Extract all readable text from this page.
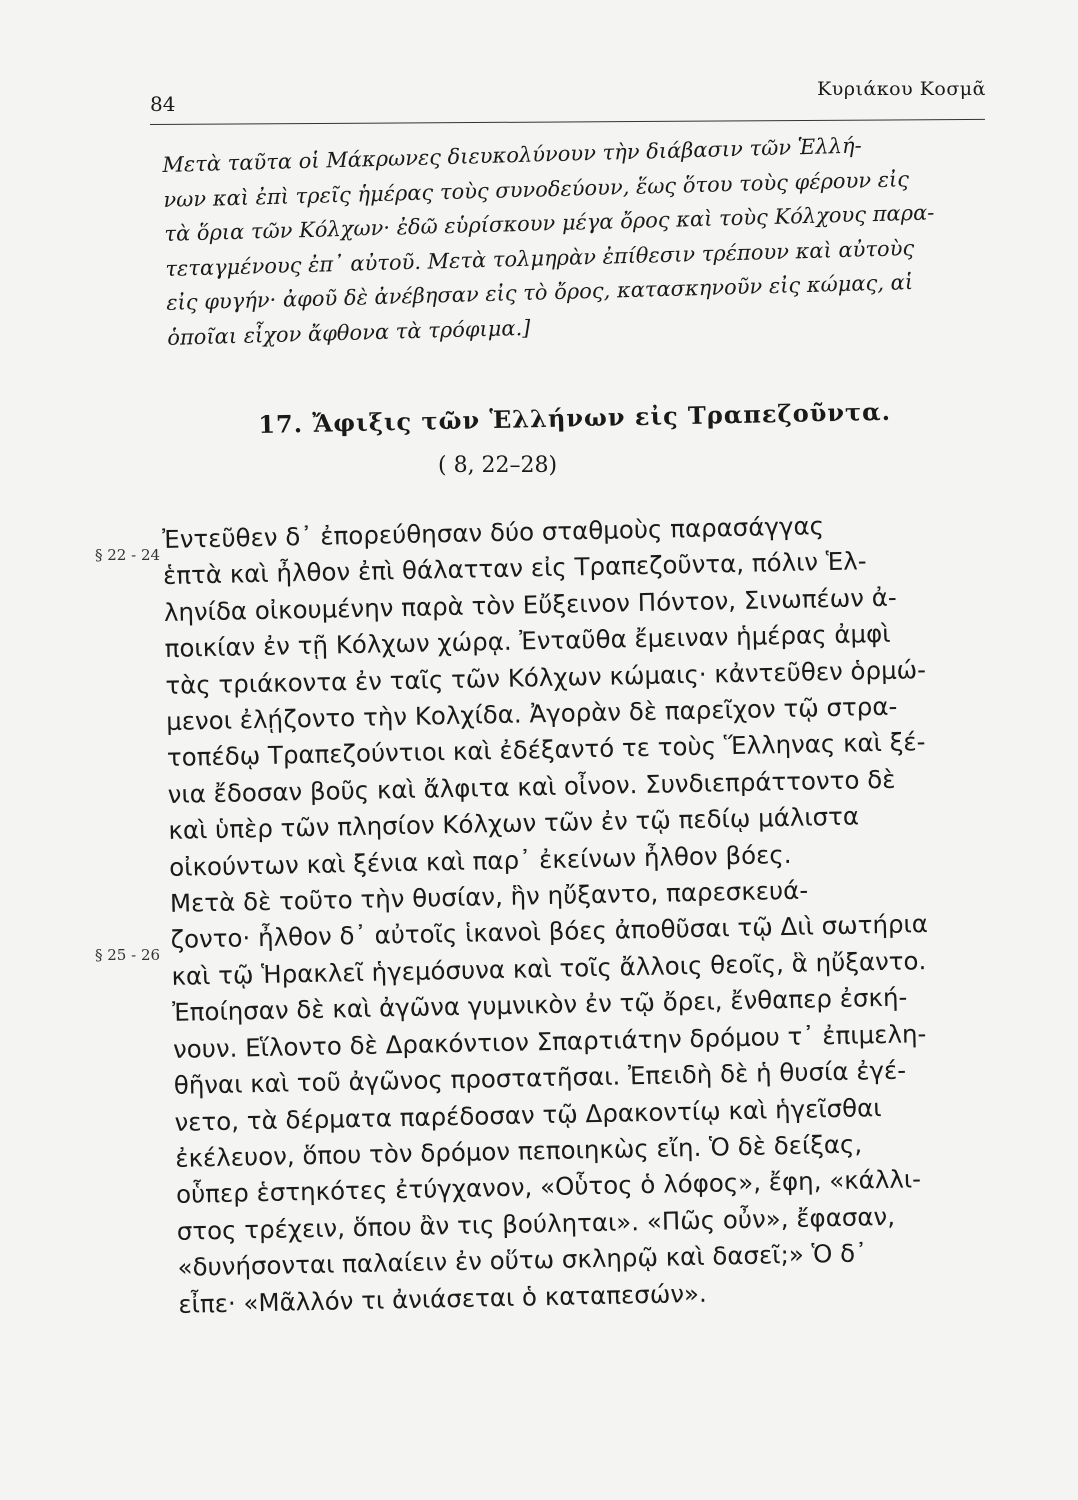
84
Κυριάκου Κοσμᾶ
Μετὰ ταῦτα οἱ Μάκρωνες διευκολύνουν τὴν διάβασιν τῶν Ἑλλή-
νων καὶ ἐπὶ τρεῖς ἡμέρας τοὺς συνοδεύουν, ἕως ὅτου τοὺς φέρουν εἰς
τὰ ὅρια τῶν Κόλχων· ἐδῶ εὑρίσκουν μέγα ὄρος καὶ τοὺς Κόλχους παρα-
τεταγμένους ἐπ᾽ αὐτοῦ. Μετὰ τολμηρὰν ἐπίθεσιν τρέπουν καὶ αὐτοὺς
εἰς φυγήν· ἀφοῦ δὲ ἀνέβησαν εἰς τὸ ὄρος, κατασκηνοῦν εἰς κώμας, αἱ
ὁποῖαι εἶχον ἄφθονα τὰ τρόφιμα.]
17. Ἄφιξις τῶν Ἑλλήνων εἰς Τραπεζοῦντα.
( 8, 22–28)
§ 22 - 24
§ 25 - 26
Ἐντεῦθεν δ᾽ ἐπορεύθησαν δύο σταθμοὺς παρασάγγας
ἑπτὰ καὶ ἦλθον ἐπὶ θάλατταν εἰς Τραπεζοῦντα, πόλιν Ἑλ-
ληνίδα οἰκουμένην παρὰ τὸν Εὔξεινον Πόντον, Σινωπέων ἀ-
ποικίαν ἐν τῇ Κόλχων χώρᾳ. Ἐνταῦθα ἔμειναν ἡμέρας ἀμφὶ
τὰς τριάκοντα ἐν ταῖς τῶν Κόλχων κώμαις· κἀντεῦθεν ὁρμώ-
μενοι ἐλῄζοντο τὴν Κολχίδα. Ἀγορὰν δὲ παρεῖχον τῷ στρα-
τοπέδῳ Τραπεζούντιοι καὶ ἐδέξαντό τε τοὺς Ἕλληνας καὶ ξέ-
νια ἔδοσαν βοῦς καὶ ἄλφιτα καὶ οἶνον. Συνδιεπράττοντο δὲ
καὶ ὑπὲρ τῶν πλησίον Κόλχων τῶν ἐν τῷ πεδίῳ μάλιστα
οἰκούντων καὶ ξένια καὶ παρ᾽ ἐκείνων ἦλθον βόες.
Μετὰ δὲ τοῦτο τὴν θυσίαν, ἣν ηὔξαντο, παρεσκευά-
ζοντο· ἦλθον δ᾽ αὐτοῖς ἱκανοὶ βόες ἀποθῦσαι τῷ Διὶ σωτήρια
καὶ τῷ Ἡρακλεῖ ἡγεμόσυνα καὶ τοῖς ἄλλοις θεοῖς, ἃ ηὔξαντο.
Ἐποίησαν δὲ καὶ ἀγῶνα γυμνικὸν ἐν τῷ ὄρει, ἔνθαπερ ἐσκή-
νουν. Εἵλοντο δὲ Δρακόντιον Σπαρτιάτην δρόμου τ᾽ ἐπιμελη-
θῆναι καὶ τοῦ ἀγῶνος προστατῆσαι. Ἐπειδὴ δὲ ἡ θυσία ἐγέ-
νετο, τὰ δέρματα παρέδοσαν τῷ Δρακοντίῳ καὶ ἡγεῖσθαι
ἐκέλευον, ὅπου τὸν δρόμον πεποιηκὼς εἴη. Ὁ δὲ δείξας,
οὗπερ ἑστηκότες ἐτύγχανον, «Οὗτος ὁ λόφος», ἔφη, «κάλλι-
στος τρέχειν, ὅπου ἂν τις βούληται». «Πῶς οὖν», ἔφασαν,
«δυνήσονται παλαίειν ἐν οὕτω σκληρῷ καὶ δασεῖ;» Ὁ δ᾽
εἶπε· «Μᾶλλόν τι ἀνιάσεται ὁ καταπεσών».
